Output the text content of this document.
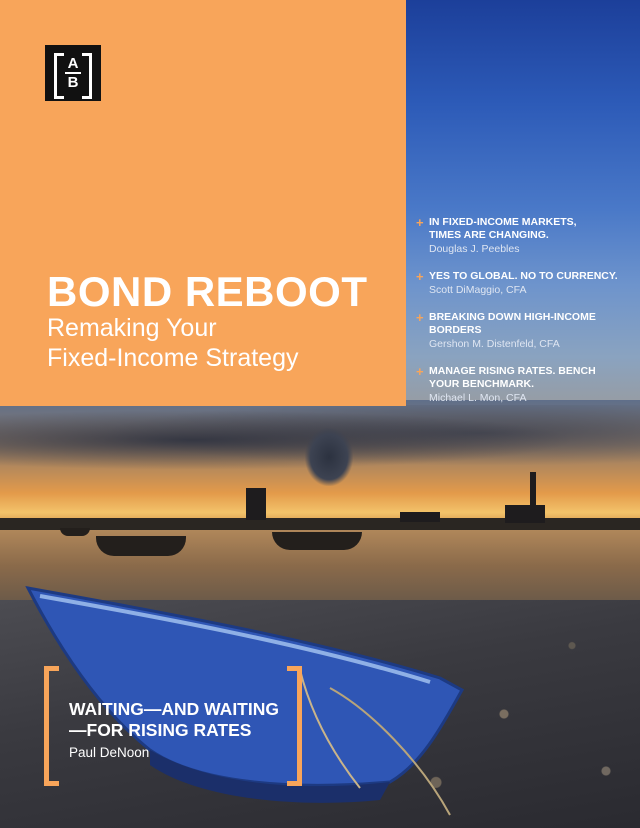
A
B
BOND REBOOT
Remaking Your
Fixed-Income Strategy
+ IN FIXED-INCOME MARKETS,
TIMES ARE CHANGING.
Douglas J. Peebles
+ YES TO GLOBAL. NO TO CURRENCY.
Scott DiMaggio, CFA
+ BREAKING DOWN HIGH-INCOME
BORDERS
Gershon M. Distenfeld, CFA
+ MANAGE RISING RATES. BENCH
YOUR BENCHMARK.
Michael L. Mon, CFA
WAITING—AND WAITING
—FOR RISING RATES
Paul DeNoon
